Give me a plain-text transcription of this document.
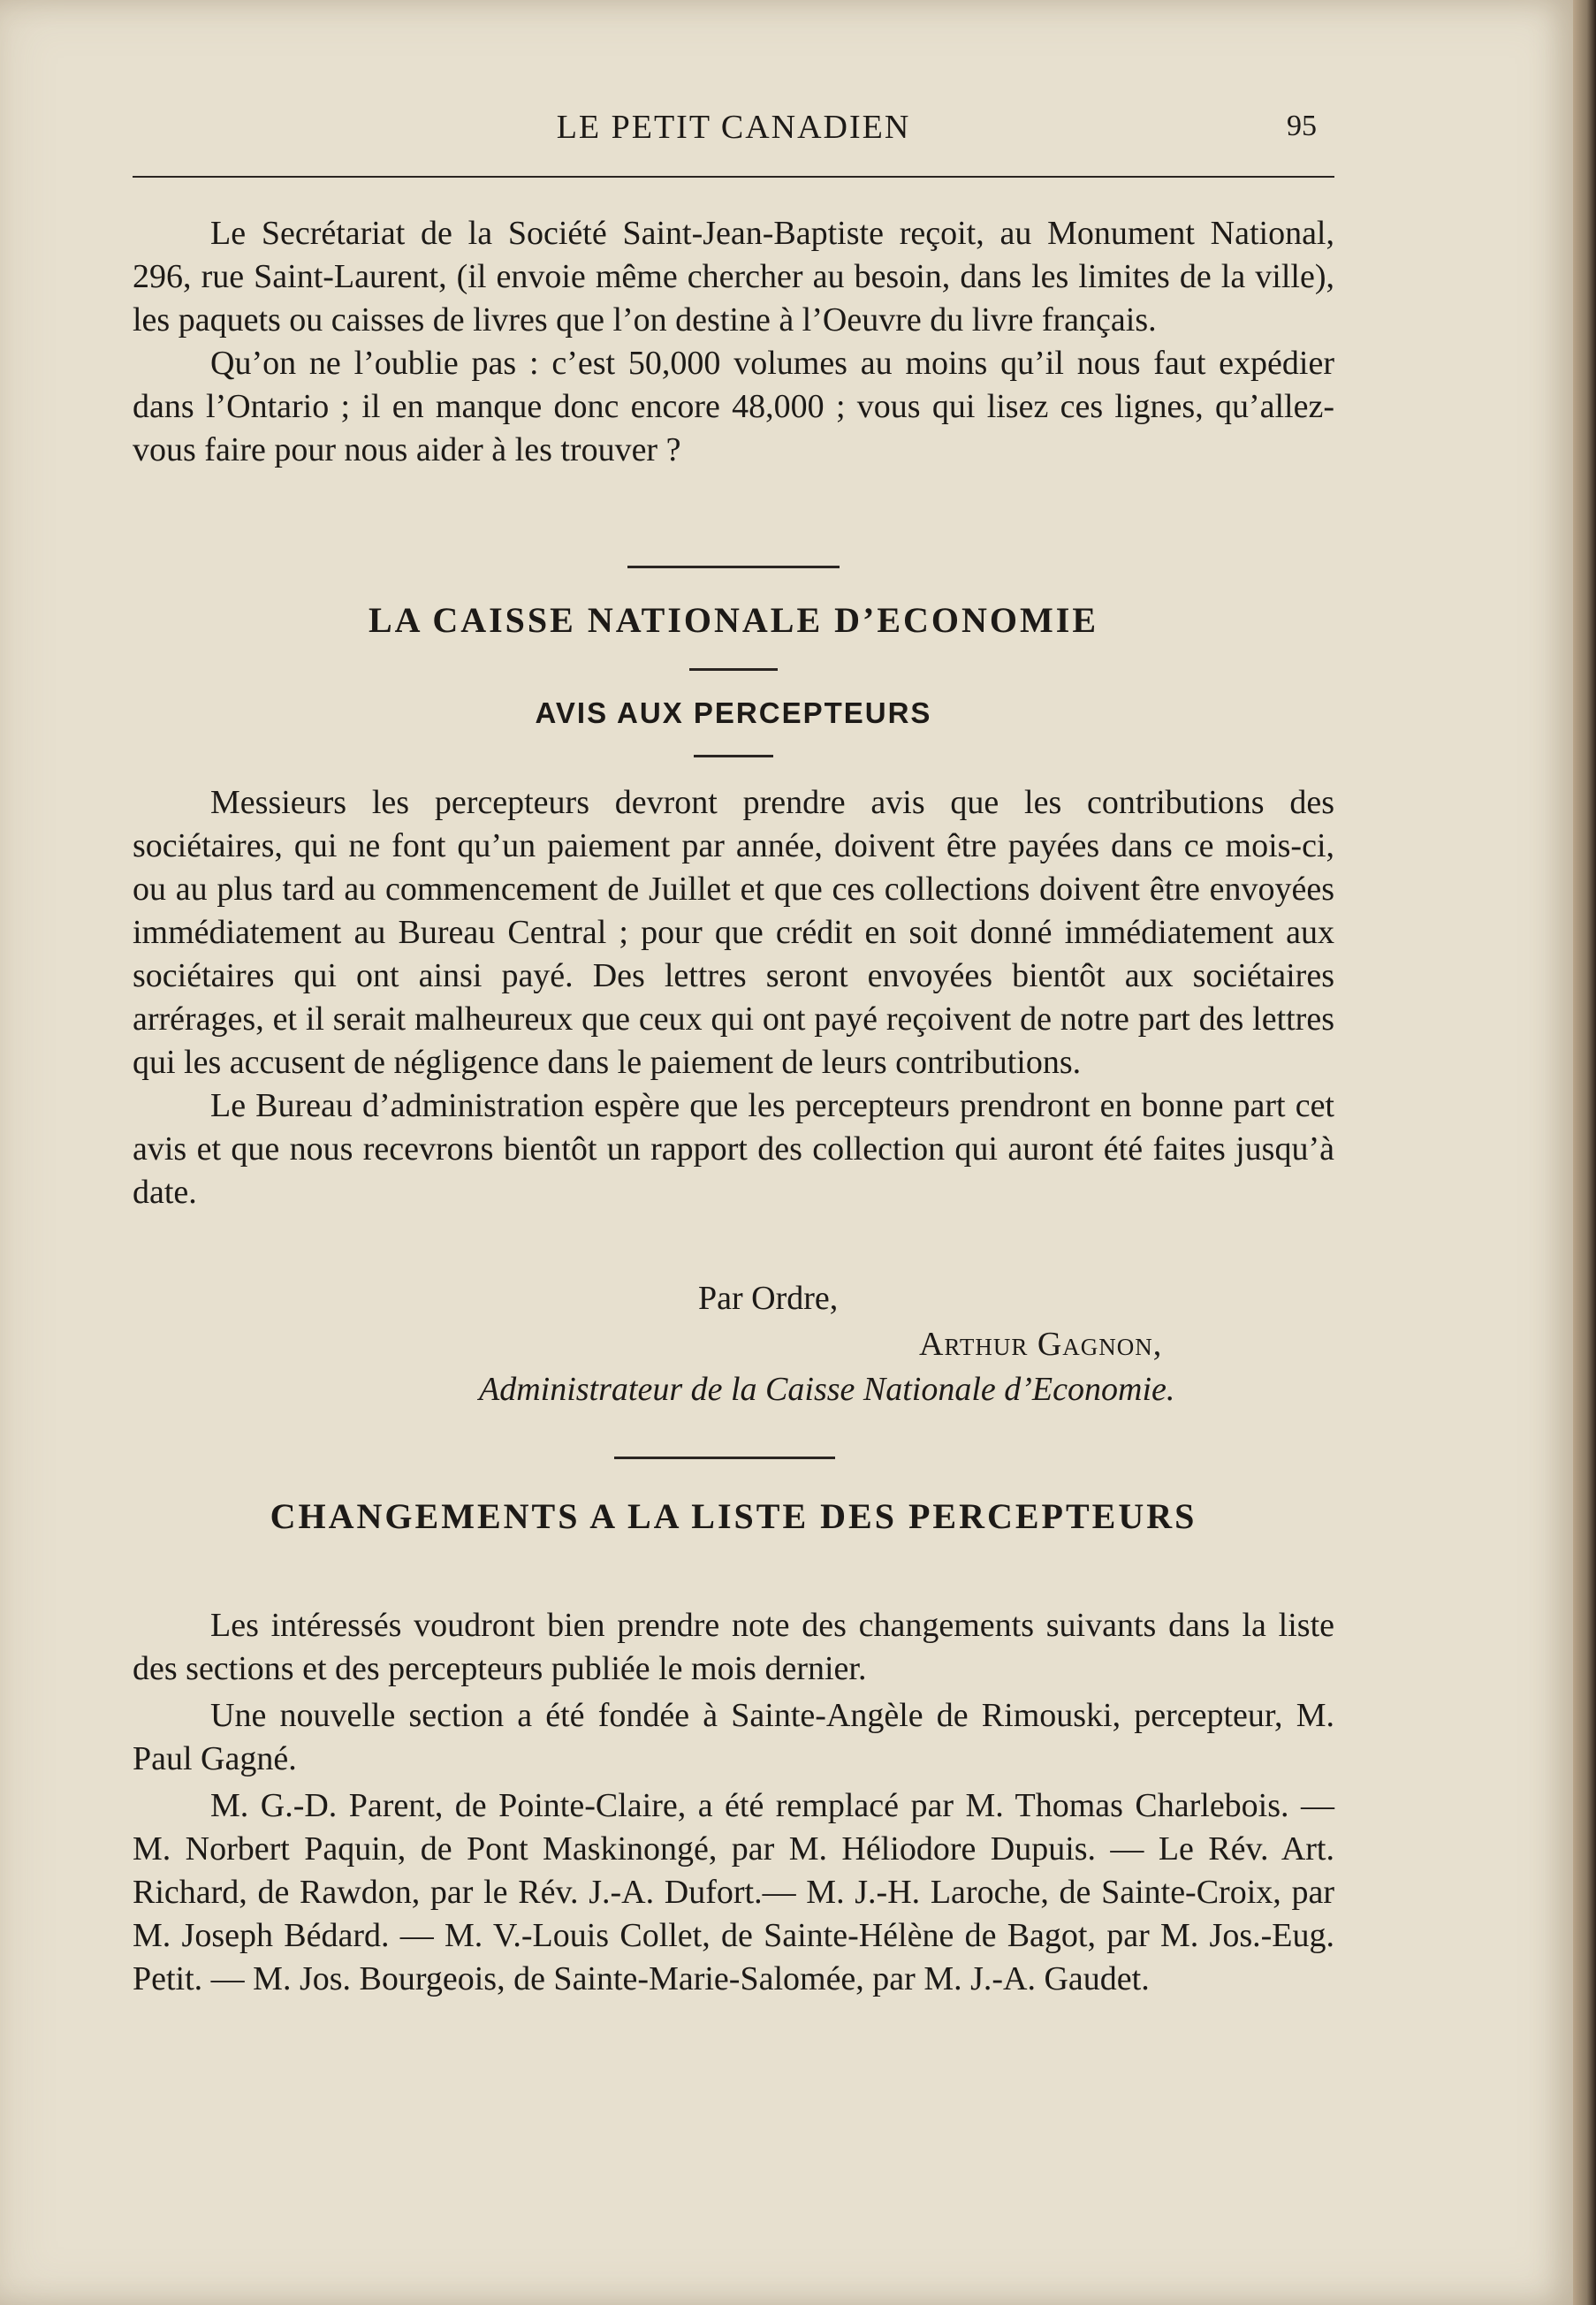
LE PETIT CANADIEN	95

Le Secrétariat de la Société Saint-Jean-Baptiste reçoit, au Monument National, 296, rue Saint-Laurent, (il envoie même chercher au besoin, dans les limites de la ville), les paquets ou caisses de livres que l’on destine à l’Oeuvre du livre français.

Qu’on ne l’oublie pas : c’est 50,000 volumes au moins qu’il nous faut expédier dans l’Ontario ; il en manque donc encore 48,000 ; vous qui lisez ces lignes, qu’allez-vous faire pour nous aider à les trouver ?

LA CAISSE NATIONALE D’ECONOMIE
AVIS AUX PERCEPTEURS

Messieurs les percepteurs devront prendre avis que les contributions des sociétaires, qui ne font qu’un paiement par année, doivent être payées dans ce mois-ci, ou au plus tard au commencement de Juillet et que ces collections doivent être envoyées immédiatement au Bureau Central ; pour que crédit en soit donné immédiatement aux sociétaires qui ont ainsi payé. Des lettres seront envoyées bientôt aux sociétaires arrérages, et il serait malheureux que ceux qui ont payé reçoivent de notre part des lettres qui les accusent de négligence dans le paiement de leurs contributions.

Le Bureau d’administration espère que les percepteurs prendront en bonne part cet avis et que nous recevrons bientôt un rapport des collection qui auront été faites jusqu’à date.

Par Ordre,
Arthur Gagnon,
Administrateur de la Caisse Nationale d’Economie.
CHANGEMENTS A LA LISTE DES PERCEPTEURS

Les intéressés voudront bien prendre note des changements suivants dans la liste des sections et des percepteurs publiée le mois dernier.

Une nouvelle section a été fondée à Sainte-Angèle de Rimouski, percepteur, M. Paul Gagné.

M. G.-D. Parent, de Pointe-Claire, a été remplacé par M. Thomas Charlebois. — M. Norbert Paquin, de Pont Maskinongé, par M. Héliodore Dupuis. — Le Rév. Art. Richard, de Rawdon, par le Rév. J.-A. Dufort.— M. J.-H. Laroche, de Sainte-Croix, par M. Joseph Bédard. — M. V.-Louis Collet, de Sainte-Hélène de Bagot, par M. Jos.-Eug. Petit. — M. Jos. Bourgeois, de Sainte-Marie-Salomée, par M. J.-A. Gaudet.
